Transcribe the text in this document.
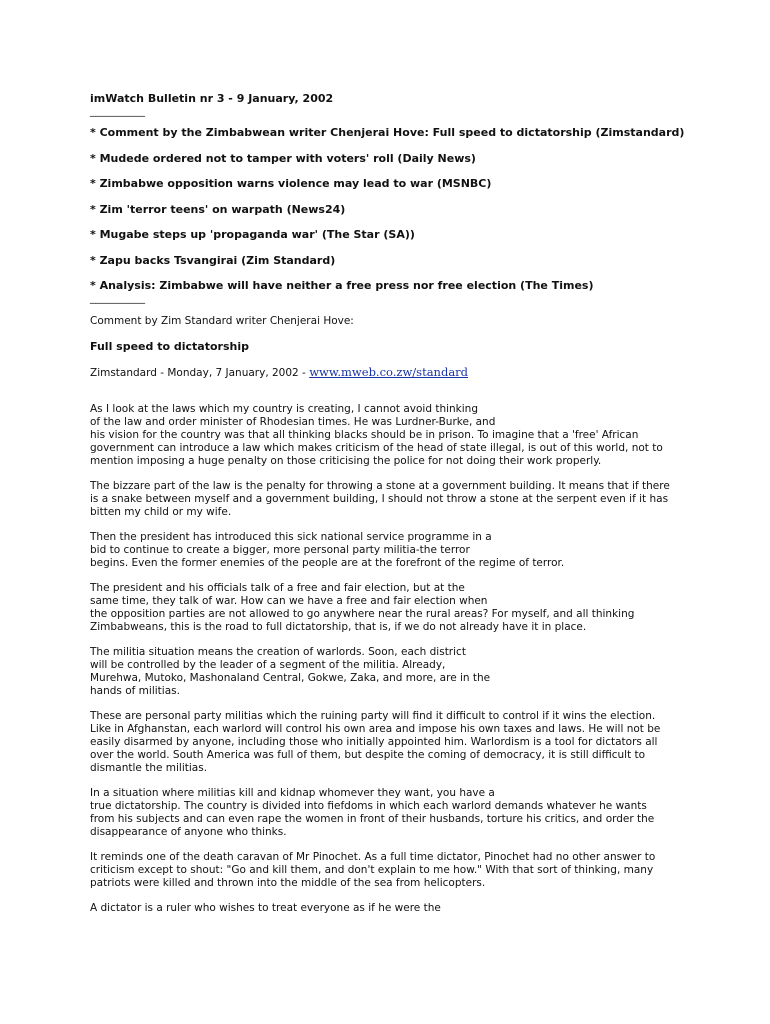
imWatch Bulletin nr 3 - 9 January, 2002

__________

* Comment by the Zimbabwean writer Chenjerai Hove: Full speed to dictatorship (Zimstandard)
* Mudede ordered not to tamper with voters' roll (Daily News)
* Zimbabwe opposition warns violence may lead to war (MSNBC)
* Zim 'terror teens' on warpath (News24)
* Mugabe steps up 'propaganda war' (The Star (SA))
* Zapu backs Tsvangirai (Zim Standard)
* Analysis: Zimbabwe will have neither a free press nor free election (The Times)

__________

Comment by Zim Standard writer Chenjerai Hove:

Full speed to dictatorship

Zimstandard - Monday, 7 January, 2002 - www.mweb.co.zw/standard

As I look at the laws which my country is creating, I cannot avoid thinking
of the law and order minister of Rhodesian times. He was Lurdner-Burke, and
his vision for the country was that all thinking blacks should be in prison. To imagine that a 'free' African
government can introduce a law which makes criticism of the head of state illegal, is out of this world, not to
mention imposing a huge penalty on those criticising the police for not doing their work properly.

The bizzare part of the law is the penalty for throwing a stone at a government building. It means that if there
is a snake between myself and a government building, I should not throw a stone at the serpent even if it has
bitten my child or my wife.

Then the president has introduced this sick national service programme in a
bid to continue to create a bigger, more personal party militia-the terror
begins. Even the former enemies of the people are at the forefront of the regime of terror.

The president and his officials talk of a free and fair election, but at the
same time, they talk of war. How can we have a free and fair election when
the opposition parties are not allowed to go anywhere near the rural areas? For myself, and all thinking
Zimbabweans, this is the road to full dictatorship, that is, if we do not already have it in place.

The militia situation means the creation of warlords. Soon, each district
will be controlled by the leader of a segment of the militia. Already,
Murehwa, Mutoko, Mashonaland Central, Gokwe, Zaka, and more, are in the
hands of militias.

These are personal party militias which the ruining party will find it difficult to control if it wins the election.
Like in Afghanstan, each warlord will control his own area and impose his own taxes and laws. He will not be
easily disarmed by anyone, including those who initially appointed him. Warlordism is a tool for dictators all
over the world. South America was full of them, but despite the coming of democracy, it is still difficult to
dismantle the militias.

In a situation where militias kill and kidnap whomever they want, you have a
true dictatorship. The country is divided into fiefdoms in which each warlord demands whatever he wants
from his subjects and can even rape the women in front of their husbands, torture his critics, and order the
disappearance of anyone who thinks.

It reminds one of the death caravan of Mr Pinochet. As a full time dictator, Pinochet had no other answer to
criticism except to shout: "Go and kill them, and don't explain to me how." With that sort of thinking, many
patriots were killed and thrown into the middle of the sea from helicopters.

A dictator is a ruler who wishes to treat everyone as if he were the
